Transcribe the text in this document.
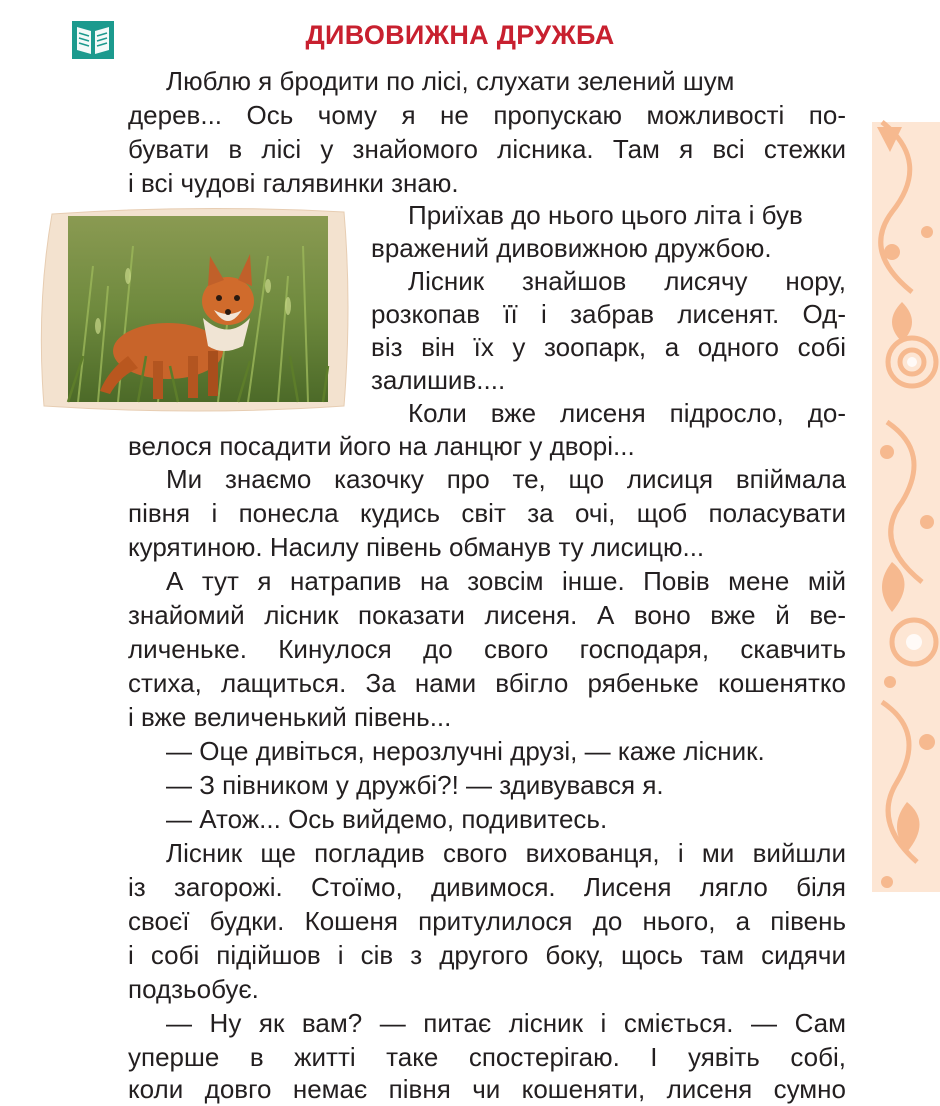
ДИВОВИЖНА ДРУЖБА
Люблю я бродити по лісі, слухати зелений шум
дерев... Ось чому я не пропускаю можливості по-
бувати в лісі у знайомого лісника. Там я всі стежки
і всі чудові галявинки знаю.
Приїхав до нього цього літа і був
вражений дивовижною дружбою.
Лісник знайшов лисячу нору,
розкопав її і забрав лисенят. Од-
віз він їх у зоопарк, а одного собі
залишив....
Коли вже лисеня підросло, до-
велося посадити його на ланцюг у дворі...
Ми знаємо казочку про те, що лисиця впіймала
півня і понесла кудись світ за очі, щоб поласувати
курятиною. Насилу півень обманув ту лисицю...
А тут я натрапив на зовсім інше. Повів мене мій
знайомий лісник показати лисеня. А воно вже й ве-
личеньке. Кинулося до свого господаря, скавчить
стиха, лащиться. За нами вбігло рябеньке кошенятко
і вже величенький півень...
— Оце дивіться, нерозлучні друзі, — каже лісник.
— З півником у дружбі?! — здивувався я.
— Атож... Ось вийдемо, подивитесь.
Лісник ще погладив свого вихованця, і ми вийшли
із загорожі. Стоїмо, дивимося. Лисеня лягло біля
своєї будки. Кошеня притулилося до нього, а півень
і собі підійшов і сів з другого боку, щось там сидячи
подзьобує.
— Ну як вам? — питає лісник і сміється. — Сам
уперше в житті таке спостерігаю. І уявіть собі,
коли довго немає півня чи кошеняти, лисеня сумно
